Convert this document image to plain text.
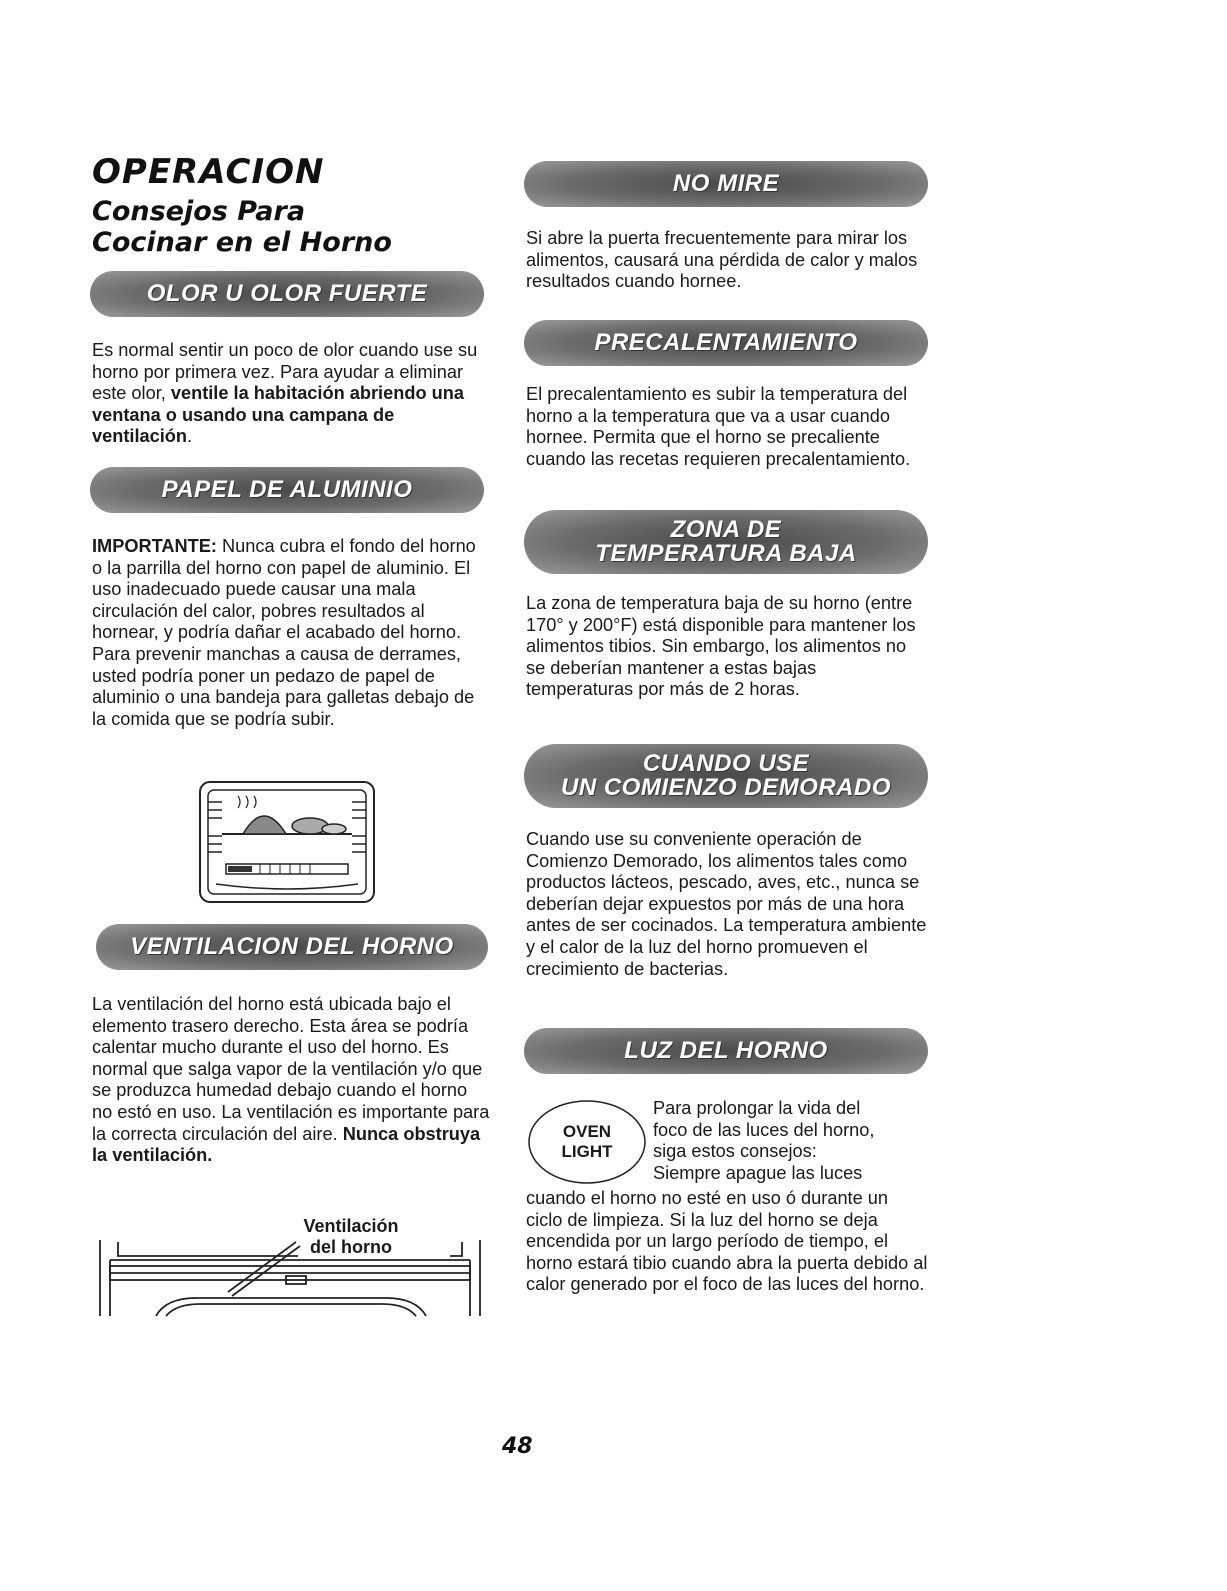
OPERACION
Consejos Para Cocinar en el Horno
OLOR U OLOR FUERTE

Es normal sentir un poco de olor cuando use su horno por primera vez. Para ayudar a eliminar este olor, ventile la habitación abriendo una ventana o usando una campana de ventilación.

PAPEL DE ALUMINIO

IMPORTANTE: Nunca cubra el fondo del horno o la parrilla del horno con papel de aluminio. El uso inadecuado puede causar una mala circulación del calor, pobres resultados al hornear, y podría dañar el acabado del horno. Para prevenir manchas a causa de derrames, usted podría poner un pedazo de papel de aluminio o una bandeja para galletas debajo de la comida que se podría subir.

VENTILACION DEL HORNO

La ventilación del horno está ubicada bajo el elemento trasero derecho. Esta área se podría calentar mucho durante el uso del horno. Es normal que salga vapor de la ventilación y/o que se produzca humedad debajo cuando el horno no estó en uso. La ventilación es importante para la correcta circulación del aire. Nunca obstruya la ventilación.

Ventilación
del horno
NO MIRE

Si abre la puerta frecuentemente para mirar los alimentos, causará una pérdida de calor y malos resultados cuando hornee.

PRECALENTAMIENTO

El precalentamiento es subir la temperatura del horno a la temperatura que va a usar cuando hornee. Permita que el horno se precaliente cuando las recetas requieren precalentamiento.

ZONA DE
TEMPERATURA BAJA

La zona de temperatura baja de su horno (entre 170° y 200°F) está disponible para mantener los alimentos tibios. Sin embargo, los alimentos no se deberían mantener a estas bajas temperaturas por más de 2 horas.

CUANDO USE
UN COMIENZO DEMORADO

Cuando use su conveniente operación de Comienzo Demorado, los alimentos tales como productos lácteos, pescado, aves, etc., nunca se deberían dejar expuestos por más de una hora antes de ser cocinados. La temperatura ambiente y el calor de la luz del horno promueven el crecimiento de bacterias.

LUZ DEL HORNO
OVEN
LIGHT
Para prolongar la vida del
foco de las luces del horno,
siga estos consejos:
Siempre apague las luces

cuando el horno no esté en uso ó durante un ciclo de limpieza. Si la luz del horno se deja encendida por un largo período de tiempo, el horno estará tibio cuando abra la puerta debido al calor generado por el foco de las luces del horno.

48
